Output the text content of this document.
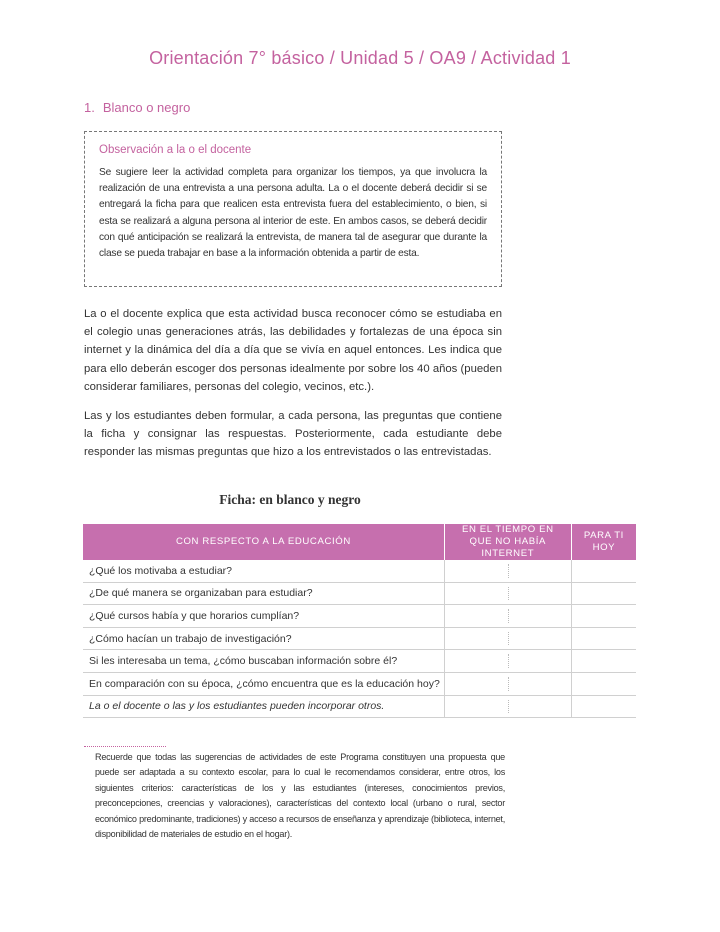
Orientación 7° básico / Unidad 5 / OA9 / Actividad 1
1. Blanco o negro
Observación a la o el docente
Se sugiere leer la actividad completa para organizar los tiempos, ya que involucra la realización de una entrevista a una persona adulta. La o el docente deberá decidir si se entregará la ficha para que realicen esta entrevista fuera del establecimiento, o bien, si esta se realizará a alguna persona al interior de este. En ambos casos, se deberá decidir con qué anticipación se realizará la entrevista, de manera tal de asegurar que durante la clase se pueda trabajar en base a la información obtenida a partir de esta.
La o el docente explica que esta actividad busca reconocer cómo se estudiaba en el colegio unas generaciones atrás, las debilidades y fortalezas de una época sin internet y la dinámica del día a día que se vivía en aquel entonces. Les indica que para ello deberán escoger dos personas idealmente por sobre los 40 años (pueden considerar familiares, personas del colegio, vecinos, etc.).
Las y los estudiantes deben formular, a cada persona, las preguntas que contiene la ficha y consignar las respuestas. Posteriormente, cada estudiante debe responder las mismas preguntas que hizo a los entrevistados o las entrevistadas.
Ficha: en blanco y negro
CON RESPECTO A LA EDUCACIÓN	EN EL TIEMPO EN QUE NO HABÍA INTERNET	PARA TI HOY
¿Qué los motivaba a estudiar?	

¿De qué manera se organizaban para estudiar?	

¿Qué cursos había y que horarios cumplían?	

¿Cómo hacían un trabajo de investigación?	

Si les interesaba un tema, ¿cómo buscaban información sobre él?	

En comparación con su época, ¿cómo encuentra que es la educación hoy?	

La o el docente o las y los estudiantes pueden incorporar otros.	

Recuerde que todas las sugerencias de actividades de este Programa constituyen una propuesta que puede ser adaptada a su contexto escolar, para lo cual le recomendamos considerar, entre otros, los siguientes criterios: características de los y las estudiantes (intereses, conocimientos previos, preconcepciones, creencias y valoraciones), características del contexto local (urbano o rural, sector económico predominante, tradiciones) y acceso a recursos de enseñanza y aprendizaje (biblioteca, internet, disponibilidad de materiales de estudio en el hogar).
